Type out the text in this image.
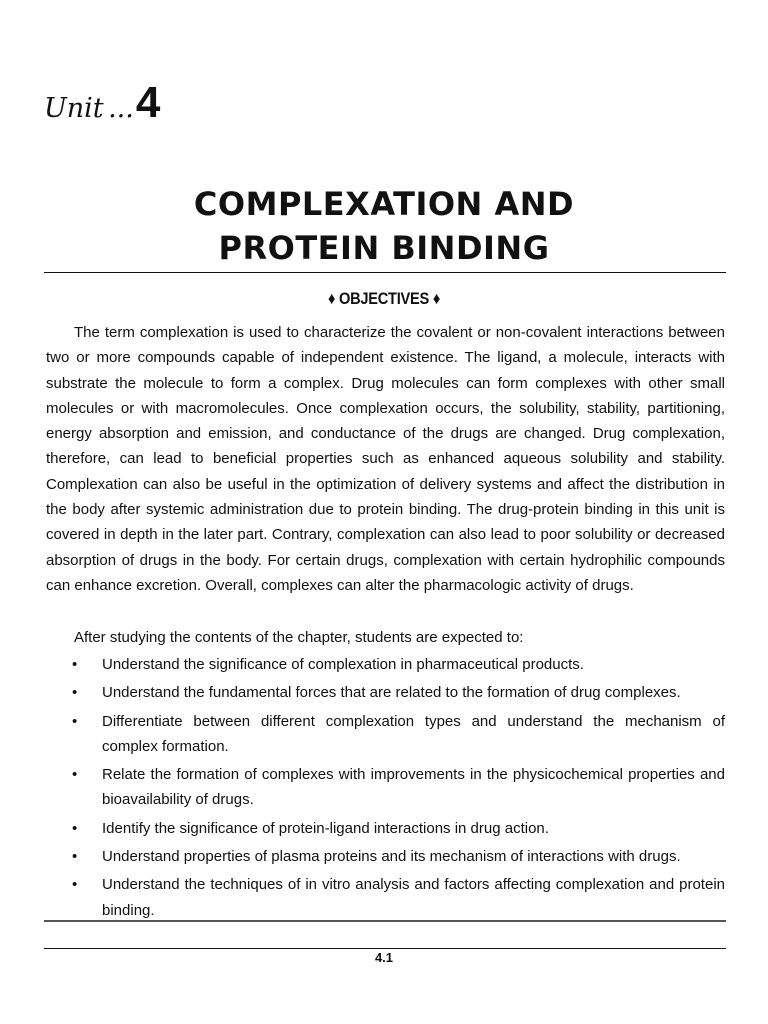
Unit ...4
COMPLEXATION AND
PROTEIN BINDING
♦ OBJECTIVES ♦

The term complexation is used to characterize the covalent or non-covalent interactions between two or more compounds capable of independent existence. The ligand, a molecule, interacts with substrate the molecule to form a complex. Drug molecules can form complexes with other small molecules or with macromolecules. Once complexation occurs, the solubility, stability, partitioning, energy absorption and emission, and conductance of the drugs are changed. Drug complexation, therefore, can lead to beneficial properties such as enhanced aqueous solubility and stability. Complexation can also be useful in the optimization of delivery systems and affect the distribution in the body after systemic administration due to protein binding. The drug-protein binding in this unit is covered in depth in the later part. Contrary, complexation can also lead to poor solubility or decreased absorption of drugs in the body. For certain drugs, complexation with certain hydrophilic compounds can enhance excretion. Overall, complexes can alter the pharmacologic activity of drugs.

After studying the contents of the chapter, students are expected to:

• Understand the significance of complexation in pharmaceutical products.
• Understand the fundamental forces that are related to the formation of drug complexes.
• Differentiate between different complexation types and understand the mechanism of complex formation.
• Relate the formation of complexes with improvements in the physicochemical properties and bioavailability of drugs.
• Identify the significance of protein-ligand interactions in drug action.
• Understand properties of plasma proteins and its mechanism of interactions with drugs.
• Understand the techniques of in vitro analysis and factors affecting complexation and protein binding.
4.1
